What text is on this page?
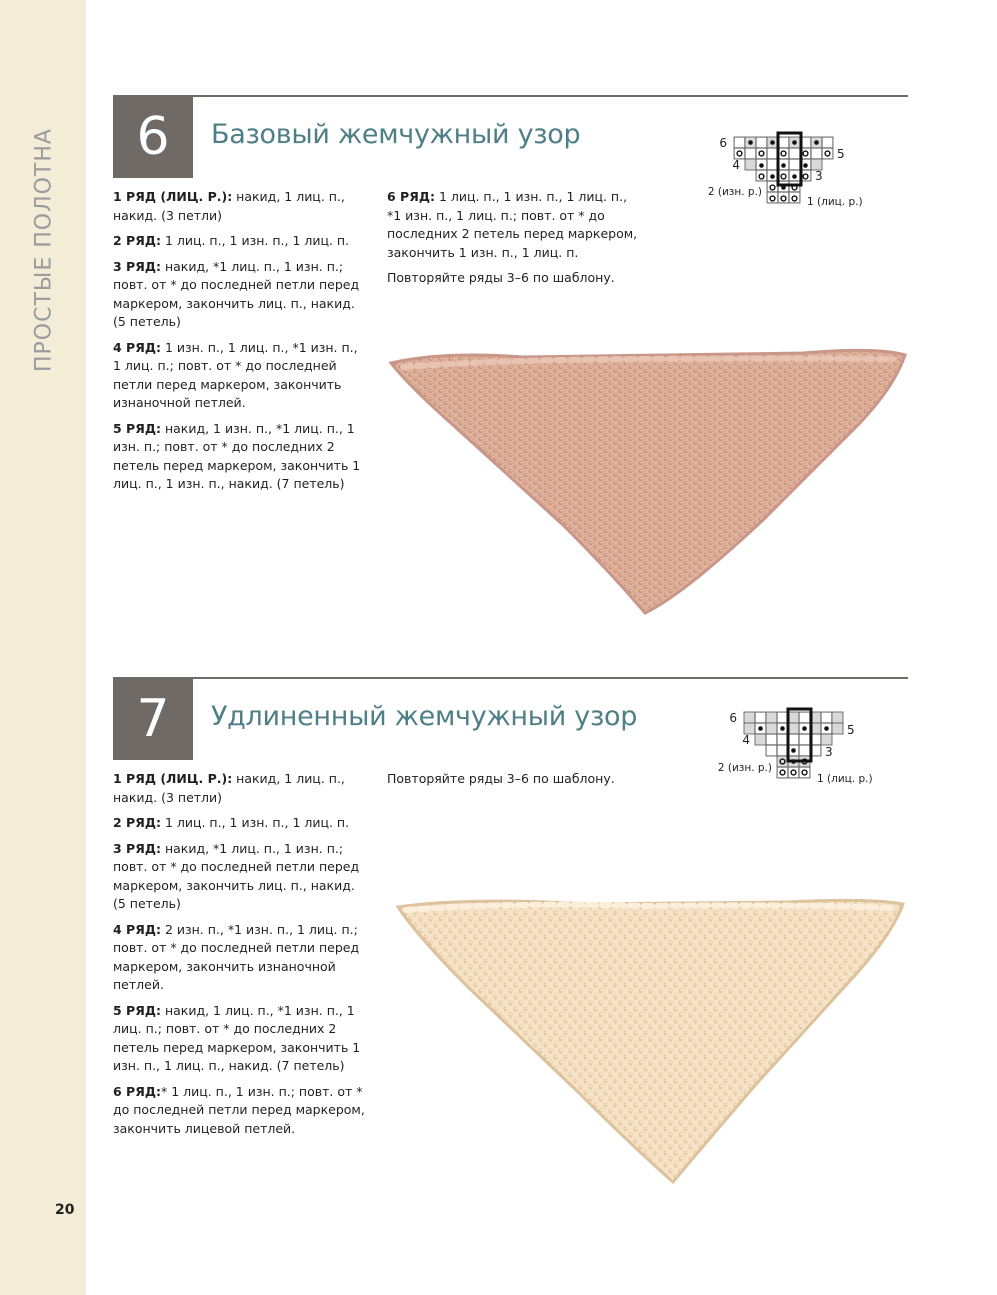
ПРОСТЫЕ ПОЛОТНА
20
6	Базовый жемчужный узор

1 РЯД (ЛИЦ. Р.): накид, 1 лиц. п., накид. (3 петли)

2 РЯД: 1 лиц. п., 1 изн. п., 1 лиц. п.

3 РЯД: накид, *1 лиц. п., 1 изн. п.; повт. от * до последней петли перед маркером, закончить лиц. п., накид. (5 петель)

4 РЯД: 1 изн. п., 1 лиц. п., *1 изн. п., 1 лиц. п.; повт. от * до последней петли перед маркером, закончить изнаночной петлей.

5 РЯД: накид, 1 изн. п., *1 лиц. п., 1 изн. п.; повт. от * до последних 2 петель перед маркером, закончить 1 лиц. п., 1 изн. п., накид. (7 петель)

6 РЯД: 1 лиц. п., 1 изн. п., 1 лиц. п., *1 изн. п., 1 лиц. п.; повт. от * до последних 2 петель перед маркером, закончить 1 изн. п., 1 лиц. п.

Повторяйте ряды 3–6 по шаблону.

6
5
4
3
2 (изн. р.)
1 (лиц. р.)
7	Удлиненный жемчужный узор

1 РЯД (ЛИЦ. Р.): накид, 1 лиц. п., накид. (3 петли)

2 РЯД: 1 лиц. п., 1 изн. п., 1 лиц. п.

3 РЯД: накид, *1 лиц. п., 1 изн. п.; повт. от * до последней петли перед маркером, закончить лиц. п., накид. (5 петель)

4 РЯД: 2 изн. п., *1 изн. п., 1 лиц. п.; повт. от * до последней петли перед маркером, закончить изнаночной петлей.

5 РЯД: накид, 1 лиц. п., *1 изн. п., 1 лиц. п.; повт. от * до последних 2 петель перед маркером, закончить 1 изн. п., 1 лиц. п., накид. (7 петель)

6 РЯД:* 1 лиц. п., 1 изн. п.; повт. от * до последней петли перед маркером, закончить лицевой петлей.

Повторяйте ряды 3–6 по шаблону.

6
5
4
3
2 (изн. р.)
1 (лиц. р.)
